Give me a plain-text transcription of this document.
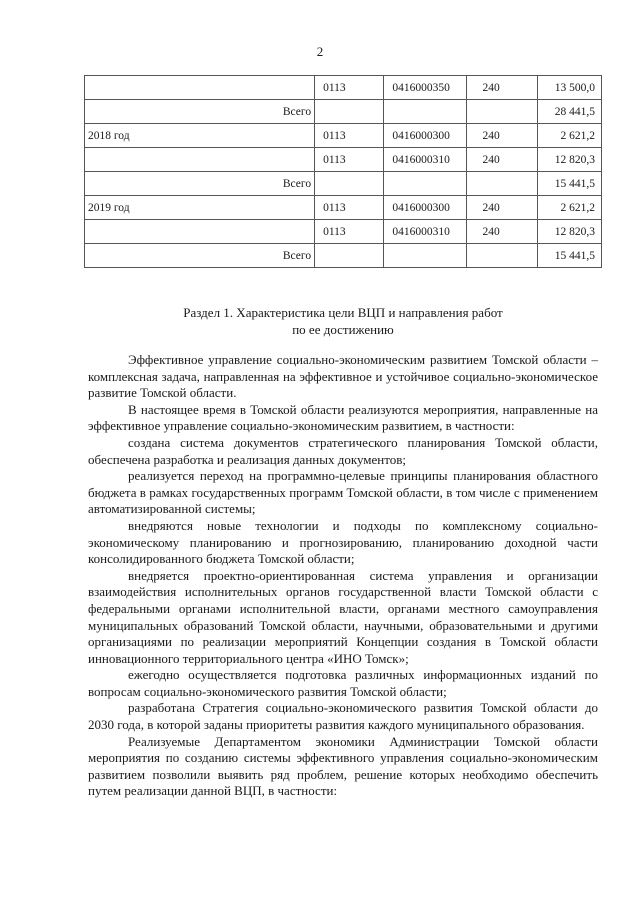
2
	0113	0416000350	240	13 500,0
Всего				28 441,5
2018 год	0113	0416000300	240	2 621,2
	0113	0416000310	240	12 820,3
Всего				15 441,5
2019 год	0113	0416000300	240	2 621,2
	0113	0416000310	240	12 820,3
Всего				15 441,5
Раздел 1. Характеристика цели ВЦП и направления работ
по ее достижению

Эффективное управление социально-экономическим развитием Томской области – комплексная задача, направленная на эффективное и устойчивое социально-экономическое развитие Томской области.

В настоящее время в Томской области реализуются мероприятия, направленные на эффективное управление социально-экономическим развитием, в частности:

создана система документов стратегического планирования Томской области, обеспечена разработка и реализация данных документов;

реализуется переход на программно-целевые принципы планирования областного бюджета в рамках государственных программ Томской области, в том числе с применением автоматизированной системы;

внедряются новые технологии и подходы по комплексному социально-экономическому планированию и прогнозированию, планированию доходной части консолидированного бюджета Томской области;

внедряется проектно-ориентированная система управления и организации взаимодействия исполнительных органов государственной власти Томской области с федеральными органами исполнительной власти, органами местного самоуправления муниципальных образований Томской области, научными, образовательными и другими организациями по реализации мероприятий Концепции создания в Томской области инновационного территориального центра «ИНО Томск»;

ежегодно осуществляется подготовка различных информационных изданий по вопросам социально-экономического развития Томской области;

разработана Стратегия социально-экономического развития Томской области до 2030 года, в которой заданы приоритеты развития каждого муниципального образования.

Реализуемые Департаментом экономики Администрации Томской области мероприятия по созданию системы эффективного управления социально-экономическим развитием позволили выявить ряд проблем, решение которых необходимо обеспечить путем реализации данной ВЦП, в частности:
